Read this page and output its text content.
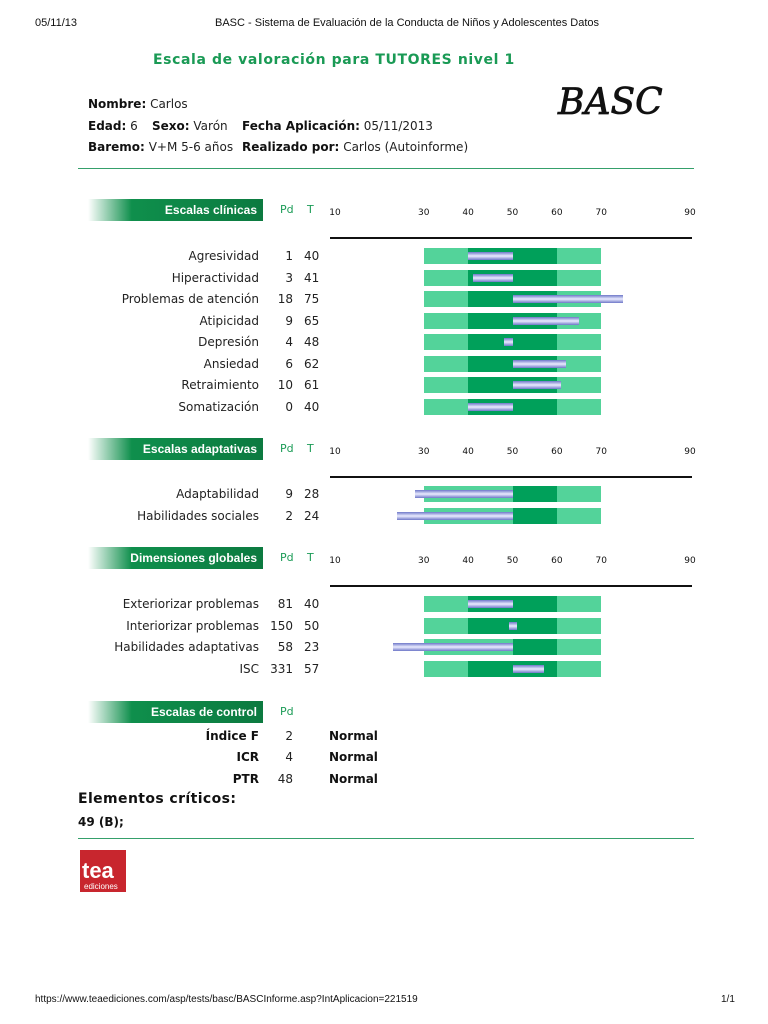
05/11/13	BASC - Sistema de Evaluación de la Conducta de Niños y Adolescentes Datos
Escala de valoración para TUTORES nivel 1
BASC
Nombre: Carlos
Edad: 6 Sexo: Varón Fecha Aplicación: 05/11/2013
Baremo: V+M 5-6 años Realizado por: Carlos (Autoinforme)
Escalas clínicas Pd T	10	30	40	50	60	70	90
Agresividad	1 40
Hiperactividad	3 41
Problemas de atención	18 75
Atipicidad	9 65
Depresión	4 48
Ansiedad	6 62
Retraimiento	10 61
Somatización	0 40
Escalas adaptativas Pd T	10	30	40	50	60	70	90
Adaptabilidad	9 28
Habilidades sociales	2 24
Dimensiones globales Pd T	10	30	40	50	60	70	90
Exteriorizar problemas	81 40
Interiorizar problemas 150 50
Habilidades adaptativas	58 23
ISC 331 57
Escalas de control Pd
Índice F	2	Normal
ICR	4	Normal
PTR	48	Normal
Elementos críticos:
49 (B);
tea
ediciones
https://www.teaediciones.com/asp/tests/basc/BASCInforme.asp?IntAplicacion=221519	1/1
